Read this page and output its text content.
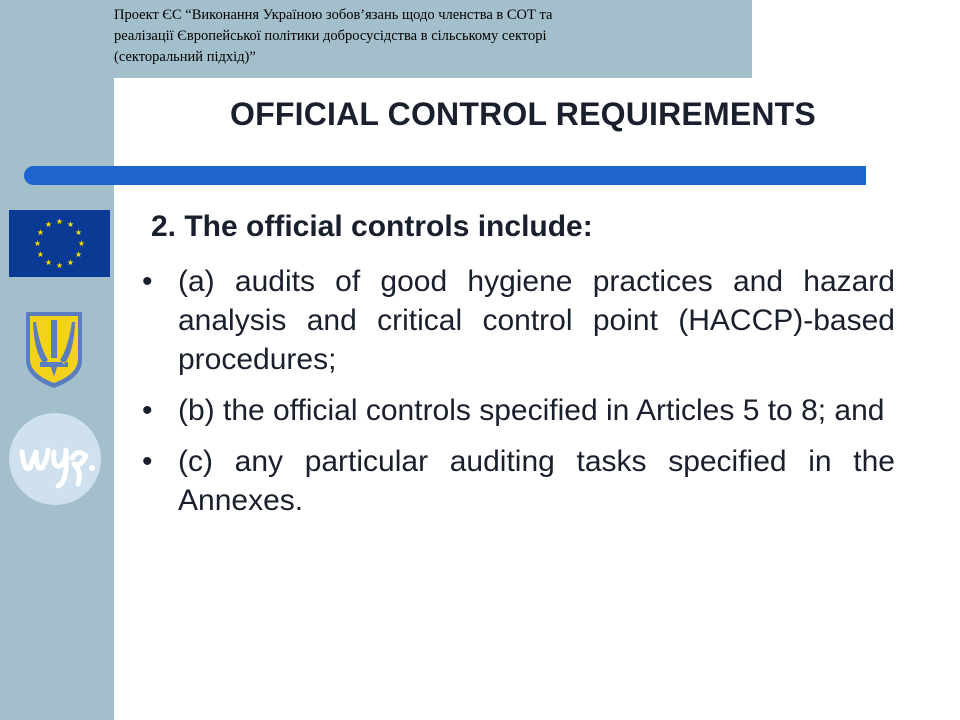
Проект ЄС “Виконання Україною зобов’язань щодо членства в СОТ та
реалізації Європейської політики добросусідства в сільському секторі
(секторальний підхід)”
OFFICIAL CONTROL REQUIREMENTS
2. The official controls include:
• (a) audits of good hygiene practices and hazard analysis and critical control point (HACCP)-based procedures;
• (b) the official controls specified in Articles 5 to 8; and
• (c) any particular auditing tasks specified in the Annexes.
